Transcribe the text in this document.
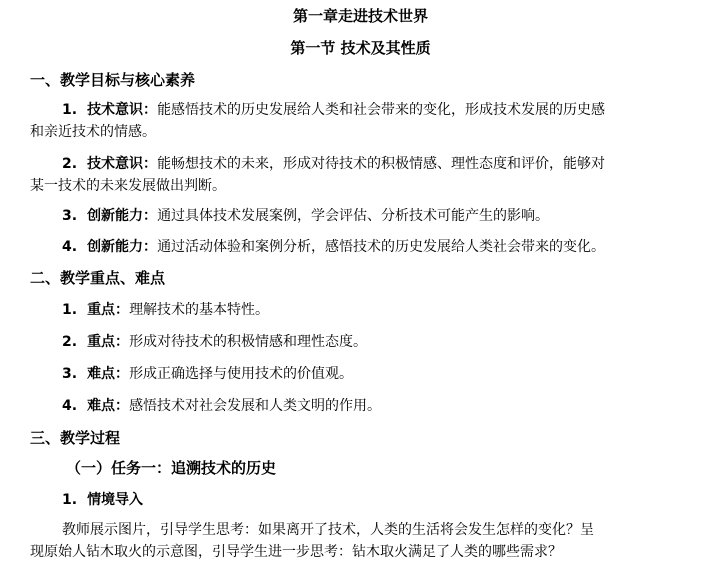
第一章走进技术世界
第一节 技术及其性质
一、教学目标与核心素养
1. 技术意识：能感悟技术的历史发展给人类和社会带来的变化，形成技术发展的历史感
和亲近技术的情感。
2. 技术意识：能畅想技术的未来，形成对待技术的积极情感、理性态度和评价，能够对
某一技术的未来发展做出判断。
3. 创新能力：通过具体技术发展案例，学会评估、分析技术可能产生的影响。
4. 创新能力：通过活动体验和案例分析，感悟技术的历史发展给人类社会带来的变化。
二、教学重点、难点
1. 重点：理解技术的基本特性。
2. 重点：形成对待技术的积极情感和理性态度。
3. 难点：形成正确选择与使用技术的价值观。
4. 难点：感悟技术对社会发展和人类文明的作用。
三、教学过程
（一）任务一：追溯技术的历史
1. 情境导入
教师展示图片，引导学生思考：如果离开了技术，人类的生活将会发生怎样的变化？呈
现原始人钻木取火的示意图，引导学生进一步思考：钻木取火满足了人类的哪些需求？
